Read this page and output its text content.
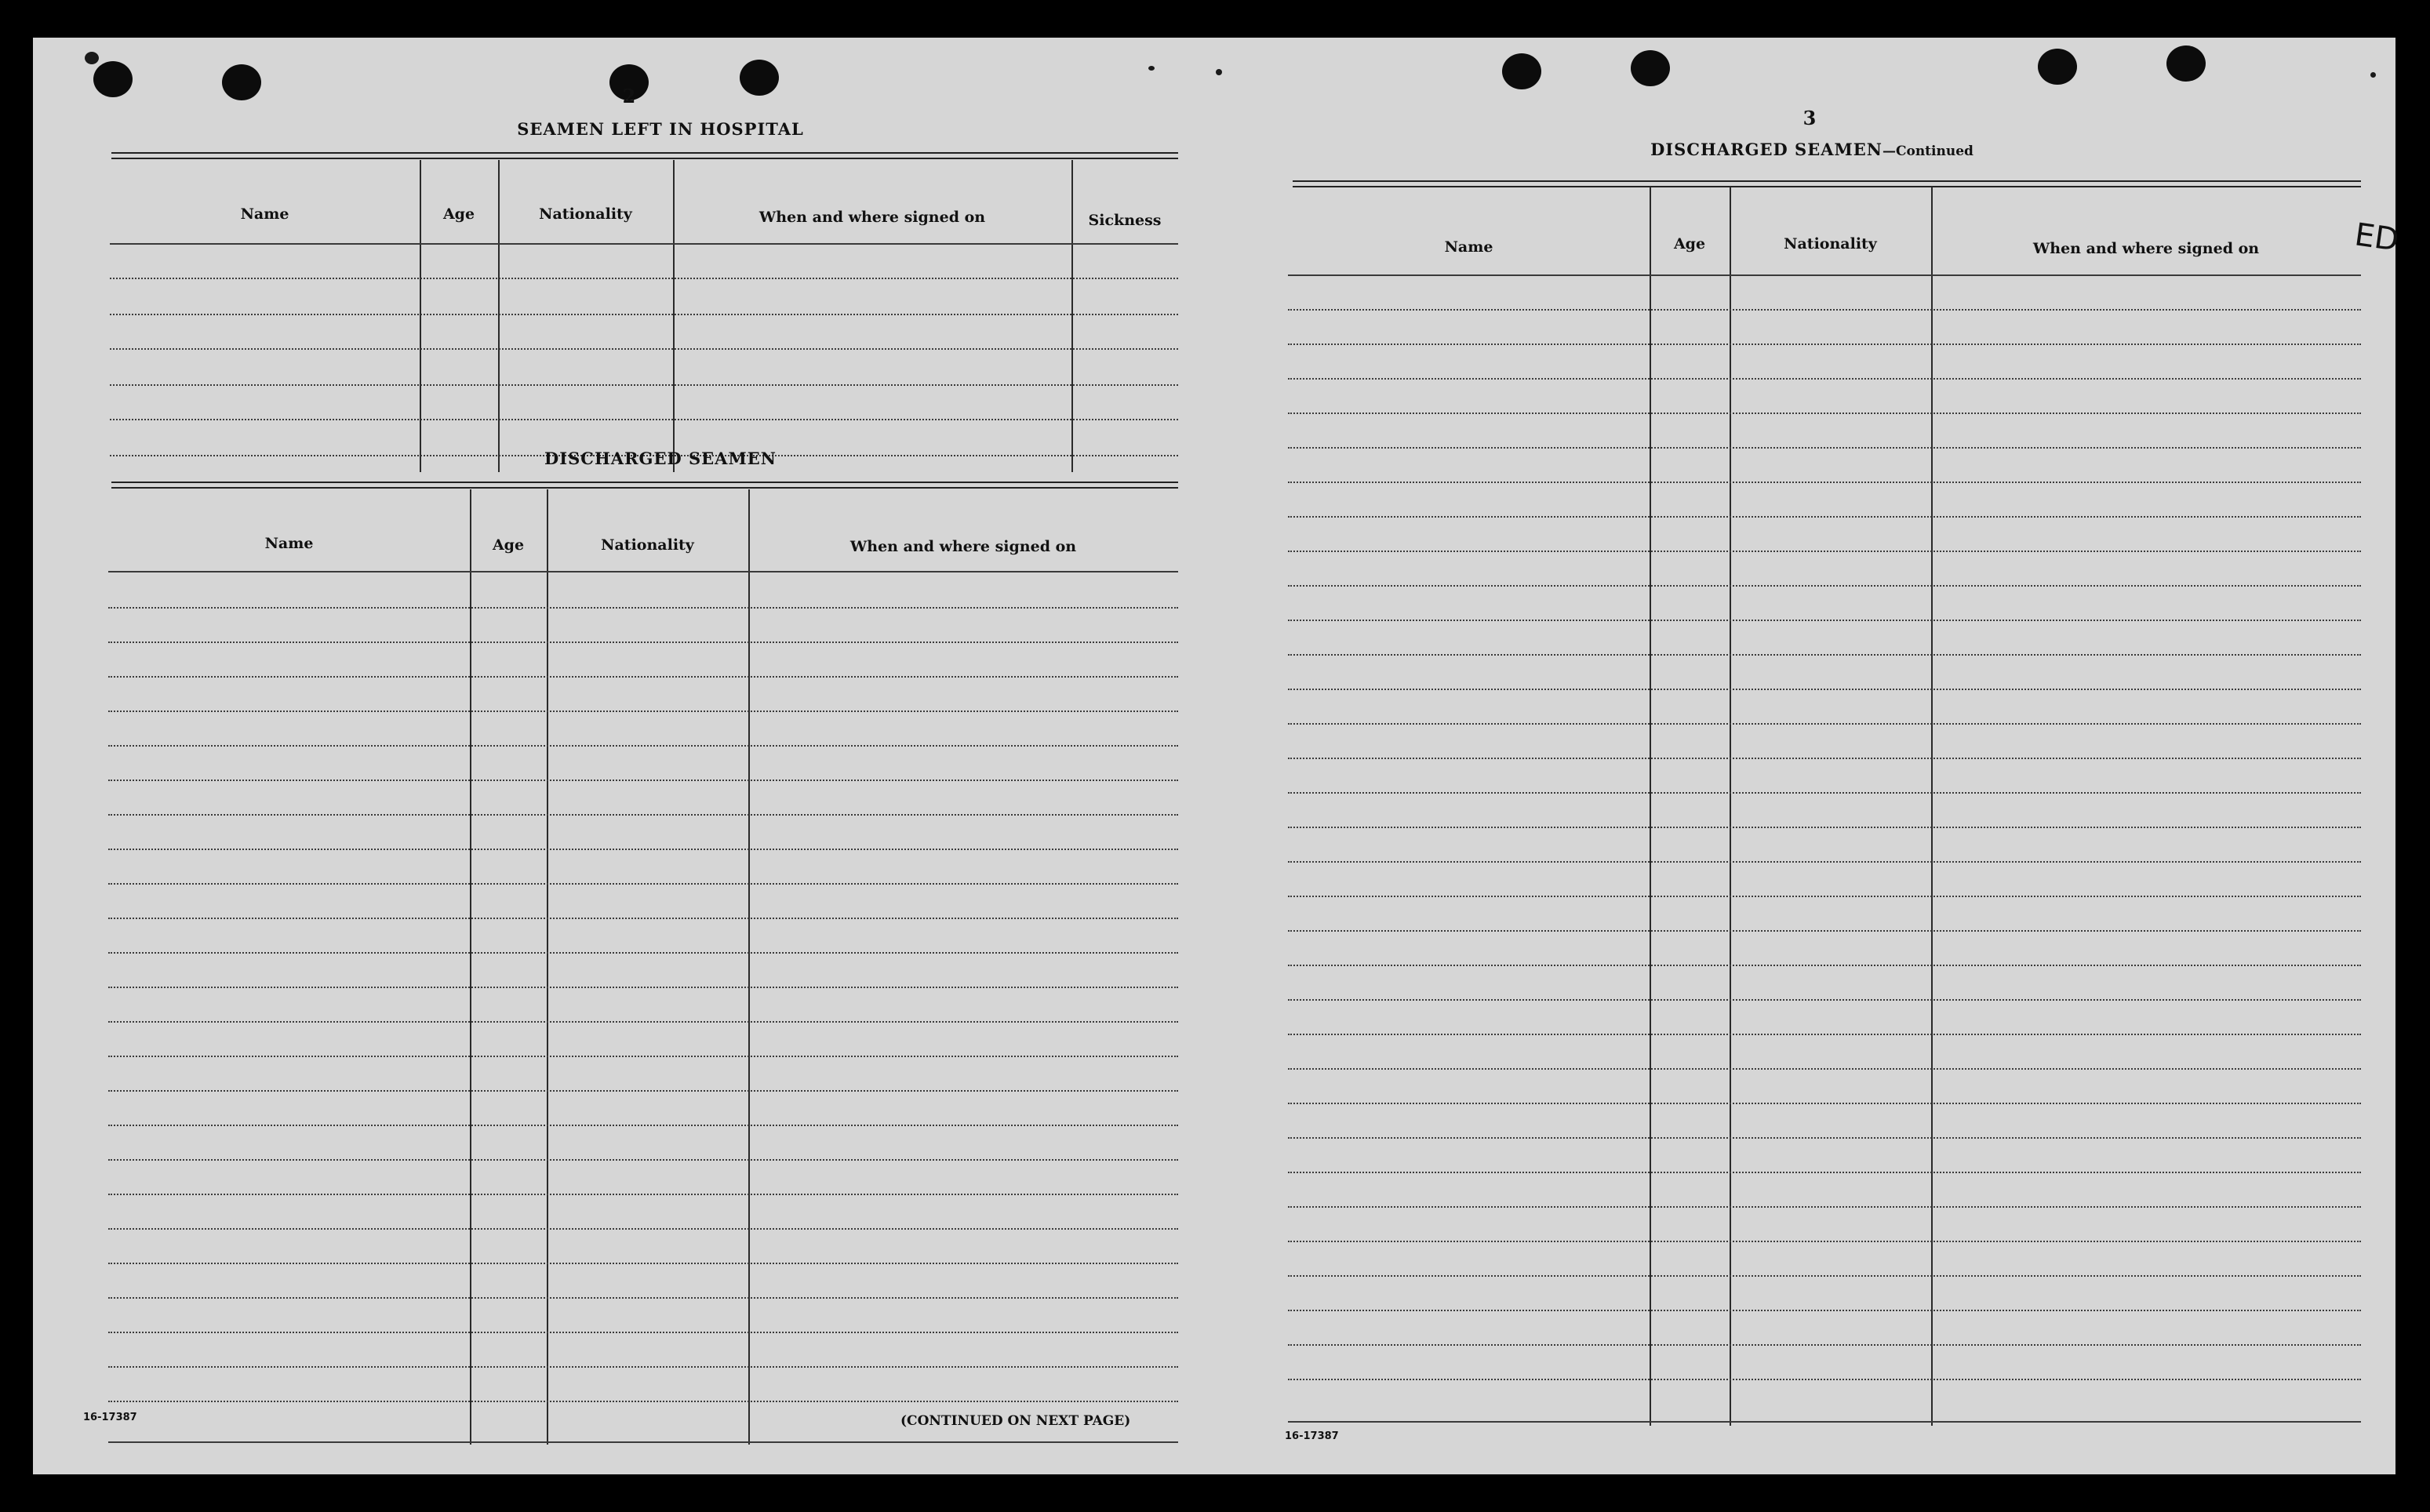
2
SEAMEN LEFT IN HOSPITAL
Name	Age	Nationality	When and where signed on	Sickness
DISCHARGED SEAMEN
Name	Age	Nationality	When and where signed on
16-17387	(CONTINUED ON NEXT PAGE)
3
DISCHARGED SEAMEN—Continued
Name	Age	Nationality	When and where signed on
16-17387
ED
